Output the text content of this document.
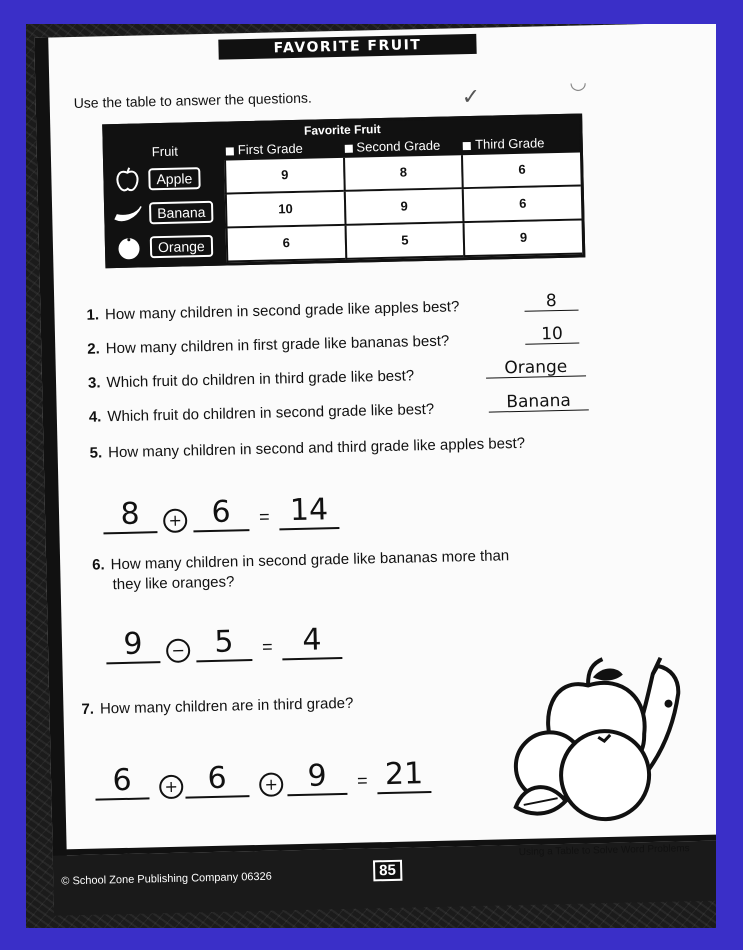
FAVORITE FRUIT
Use the table to answer the questions.	✓
◡
Favorite Fruit
Fruit	First Grade	Second Grade	Third Grade
Apple	9	8	6
Banana	10	9	6
Orange	6	5	9
1. How many children in second grade like apples best?	8
2. How many children in first grade like bananas best?	10
3. Which fruit do children in third grade like best?	Orange
4. Which fruit do children in second grade like best?	Banana
5. How many children in second and third grade like apples best?
8	+ 6	= 14
6. How many children in second grade like bananas more than
they like oranges?
9	− 5	= 4
7. How many children are in third grade?
6	+ 6	+ 9	= 21
Using a Table to Solve Word Problems
85
© School Zone Publishing Company 06326
